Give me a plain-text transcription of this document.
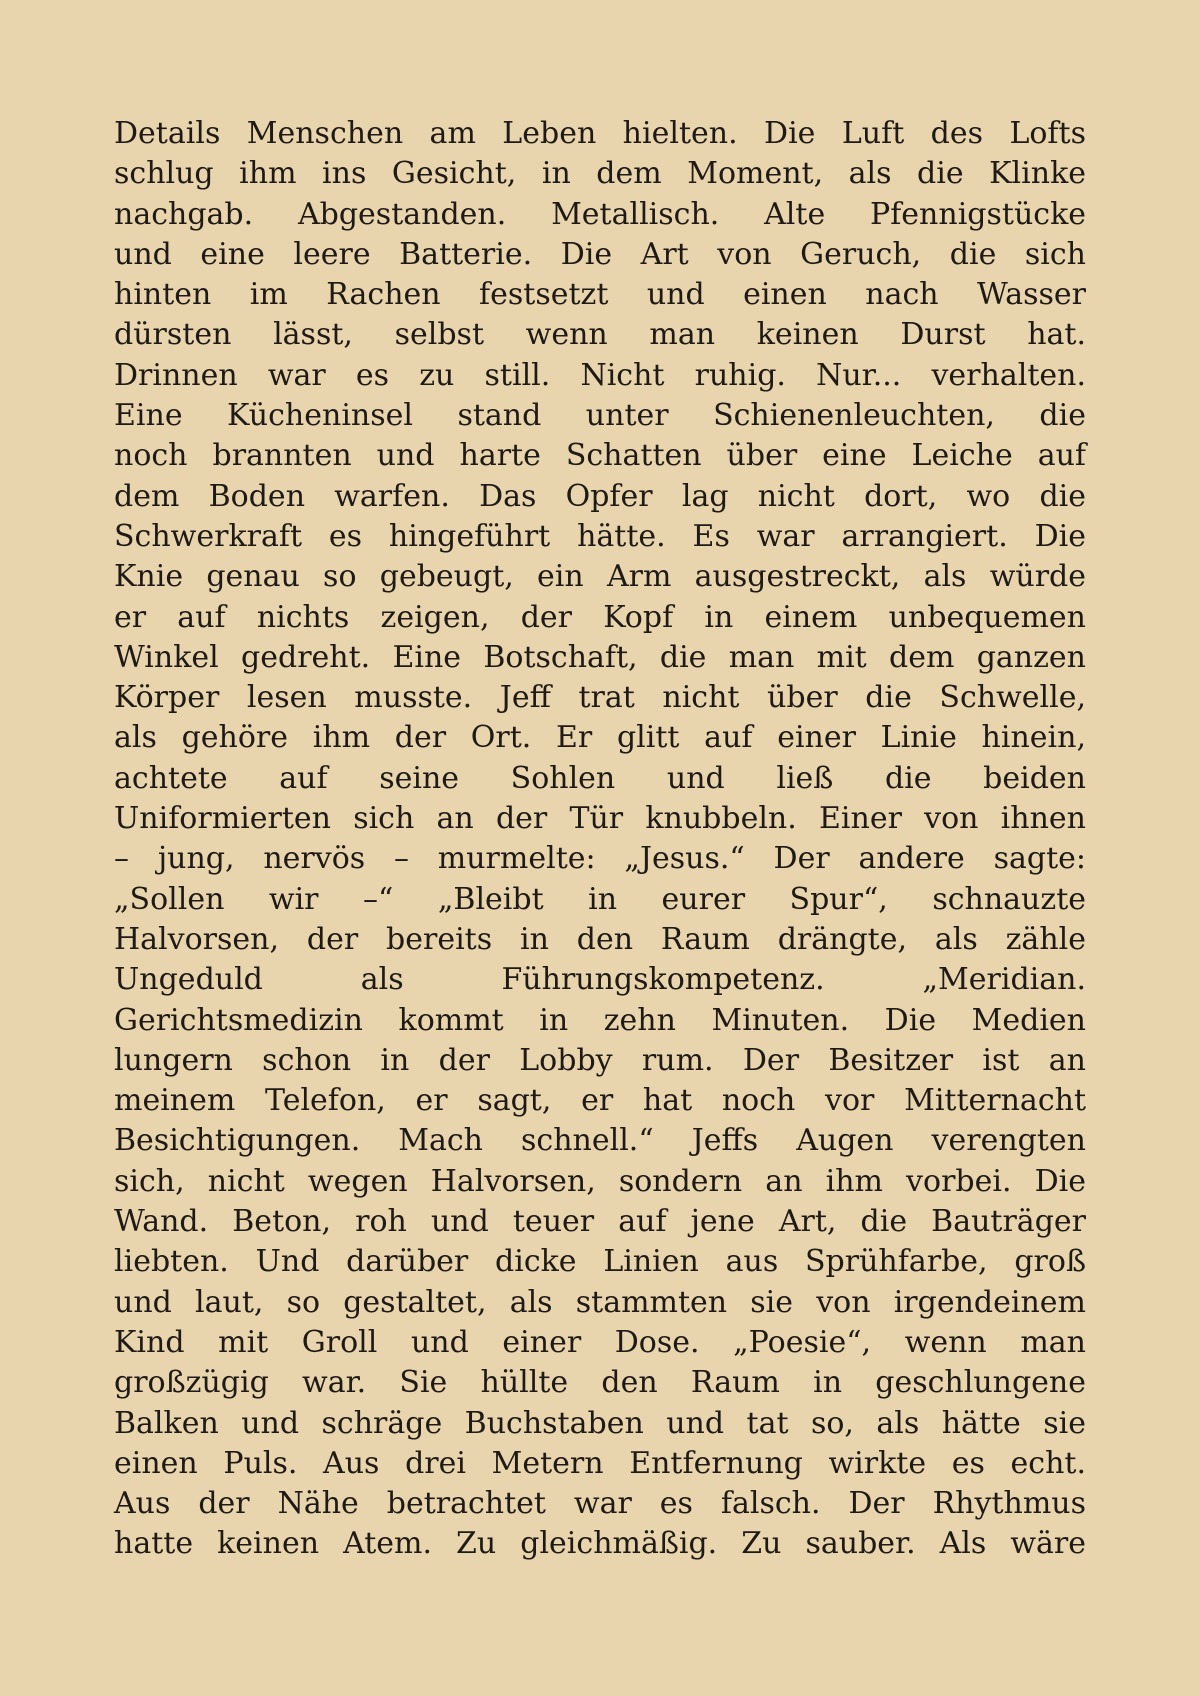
Details Menschen am Leben hielten. Die Luft des Lofts
schlug ihm ins Gesicht, in dem Moment, als die Klinke
nachgab. Abgestanden. Metallisch. Alte Pfennigstücke
und eine leere Batterie. Die Art von Geruch, die sich
hinten im Rachen festsetzt und einen nach Wasser
dürsten lässt, selbst wenn man keinen Durst hat.
Drinnen war es zu still. Nicht ruhig. Nur... verhalten.
Eine Kücheninsel stand unter Schienenleuchten, die
noch brannten und harte Schatten über eine Leiche auf
dem Boden warfen. Das Opfer lag nicht dort, wo die
Schwerkraft es hingeführt hätte. Es war arrangiert. Die
Knie genau so gebeugt, ein Arm ausgestreckt, als würde
er auf nichts zeigen, der Kopf in einem unbequemen
Winkel gedreht. Eine Botschaft, die man mit dem ganzen
Körper lesen musste. Jeff trat nicht über die Schwelle,
als gehöre ihm der Ort. Er glitt auf einer Linie hinein,
achtete auf seine Sohlen und ließ die beiden
Uniformierten sich an der Tür knubbeln. Einer von ihnen
– jung, nervös – murmelte: „Jesus.“ Der andere sagte:
„Sollen wir –“ „Bleibt in eurer Spur“, schnauzte
Halvorsen, der bereits in den Raum drängte, als zähle
Ungeduld als Führungskompetenz. „Meridian.
Gerichtsmedizin kommt in zehn Minuten. Die Medien
lungern schon in der Lobby rum. Der Besitzer ist an
meinem Telefon, er sagt, er hat noch vor Mitternacht
Besichtigungen. Mach schnell.“ Jeffs Augen verengten
sich, nicht wegen Halvorsen, sondern an ihm vorbei. Die
Wand. Beton, roh und teuer auf jene Art, die Bauträger
liebten. Und darüber dicke Linien aus Sprühfarbe, groß
und laut, so gestaltet, als stammten sie von irgendeinem
Kind mit Groll und einer Dose. „Poesie“, wenn man
großzügig war. Sie hüllte den Raum in geschlungene
Balken und schräge Buchstaben und tat so, als hätte sie
einen Puls. Aus drei Metern Entfernung wirkte es echt.
Aus der Nähe betrachtet war es falsch. Der Rhythmus
hatte keinen Atem. Zu gleichmäßig. Zu sauber. Als wäre
